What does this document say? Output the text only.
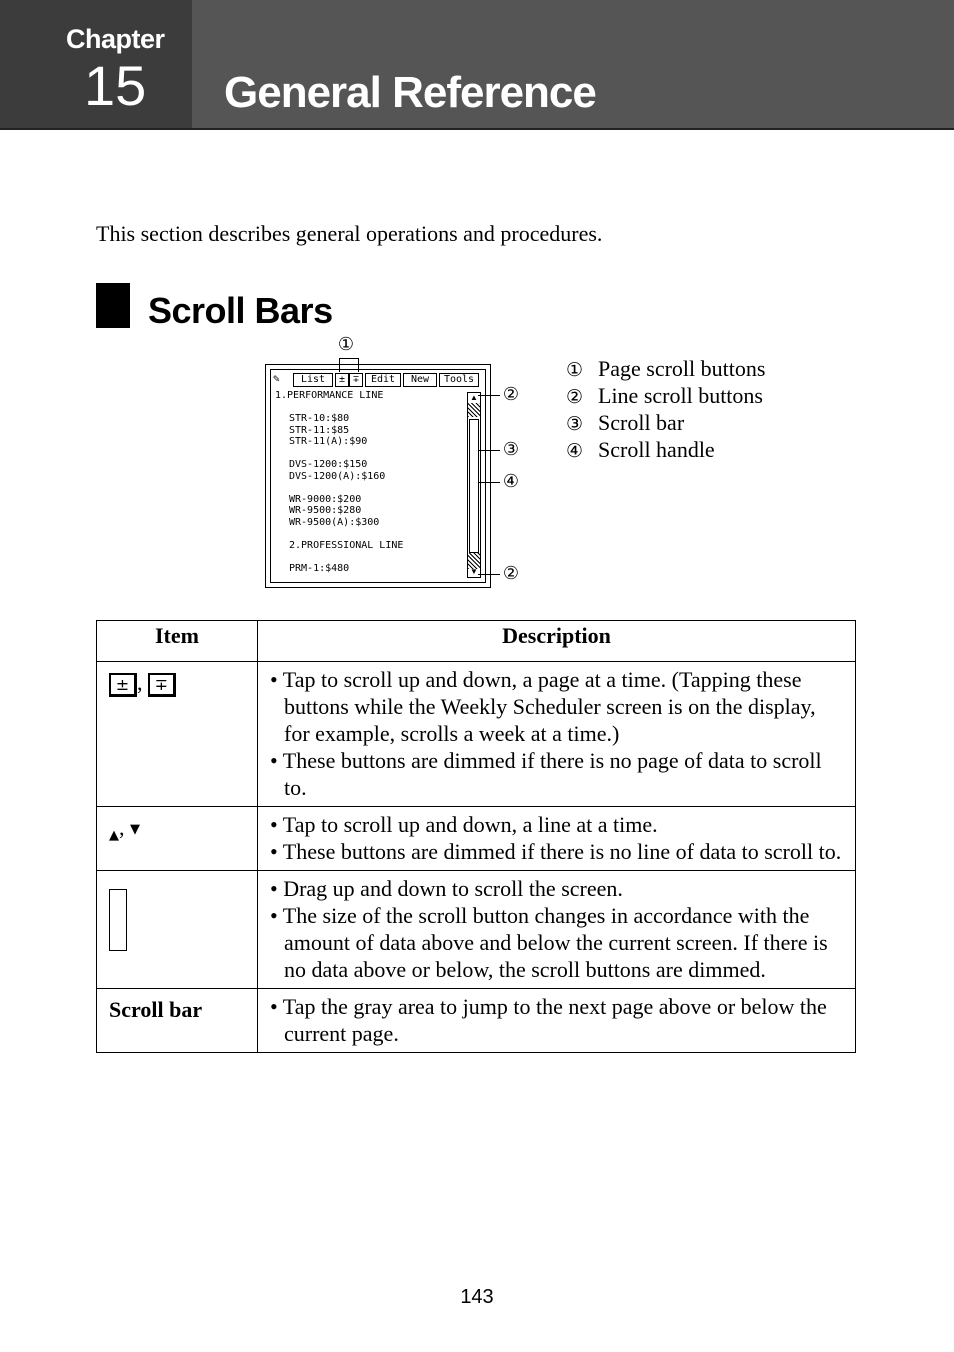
Chapter
15 General Reference
This section describes general operations and procedures.
Scroll Bars
✎	List	± ∓	Edit	New	Tools
1.PERFORMANCE LINE
STR-10:$80
STR-11:$85
STR-11(A):$90
DVS-1200:$150
DVS-1200(A):$160
WR-9000:$200
WR-9500:$280
WR-9500(A):$300
2.PROFESSIONAL LINE
PRM-1:$480
▲
▼
①
②
③
④
②
① Page scroll buttons
② Line scroll buttons
③ Scroll bar
④ Scroll handle
Item	Description
± , ∓	• Tap to scroll up and down, a page at a time. (Tapping these buttons while the Weekly Scheduler screen is on the display, for example, scrolls a week at a time.)
• These buttons are dimmed if there is no page of data to scroll to.

▲, ▼	• Tap to scroll up and down, a line at a time.
• These buttons are dimmed if there is no line of data to scroll to.

	• Drag up and down to scroll the screen.
• The size of the scroll button changes in accordance with the amount of data above and below the current screen. If there is no data above or below, the scroll buttons are dimmed.

Scroll bar	• Tap the gray area to jump to the next page above or below the current page.
143
